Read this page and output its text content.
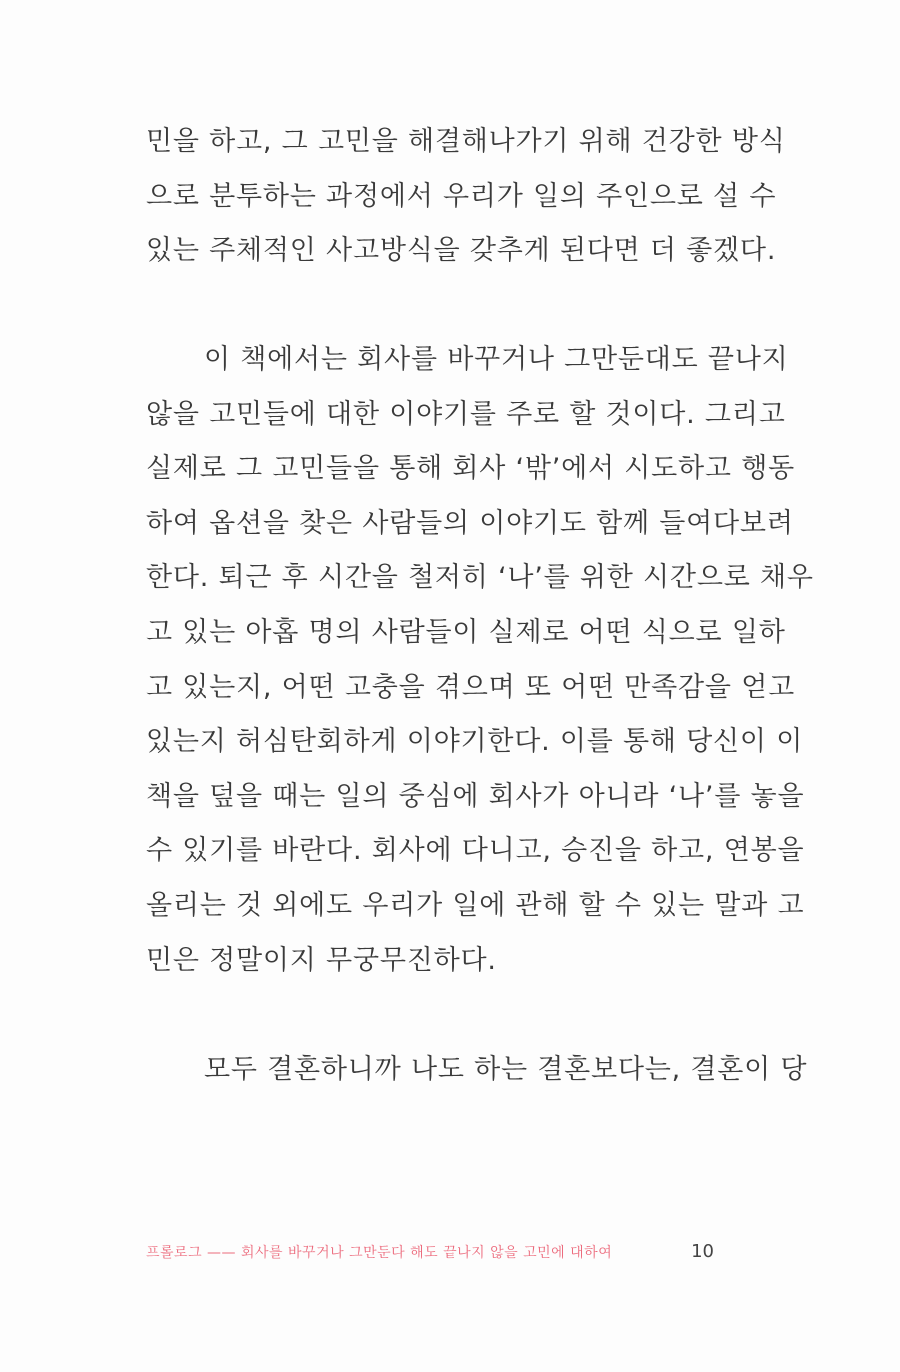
민을 하고, 그 고민을 해결해나가기 위해 건강한 방식
으로 분투하는 과정에서 우리가 일의 주인으로 설 수
있는 주체적인 사고방식을 갖추게 된다면 더 좋겠다.
이 책에서는 회사를 바꾸거나 그만둔대도 끝나지
않을 고민들에 대한 이야기를 주로 할 것이다. 그리고
실제로 그 고민들을 통해 회사 ‘밖’에서 시도하고 행동
하여 옵션을 찾은 사람들의 이야기도 함께 들여다보려
한다. 퇴근 후 시간을 철저히 ‘나’를 위한 시간으로 채우
고 있는 아홉 명의 사람들이 실제로 어떤 식으로 일하
고 있는지, 어떤 고충을 겪으며 또 어떤 만족감을 얻고
있는지 허심탄회하게 이야기한다. 이를 통해 당신이 이
책을 덮을 때는 일의 중심에 회사가 아니라 ‘나’를 놓을
수 있기를 바란다. 회사에 다니고, 승진을 하고, 연봉을
올리는 것 외에도 우리가 일에 관해 할 수 있는 말과 고
민은 정말이지 무궁무진하다.
모두 결혼하니까 나도 하는 결혼보다는, 결혼이 당
프롤로그 —— 회사를 바꾸거나 그만둔다 해도 끝나지 않을 고민에 대하여	10
